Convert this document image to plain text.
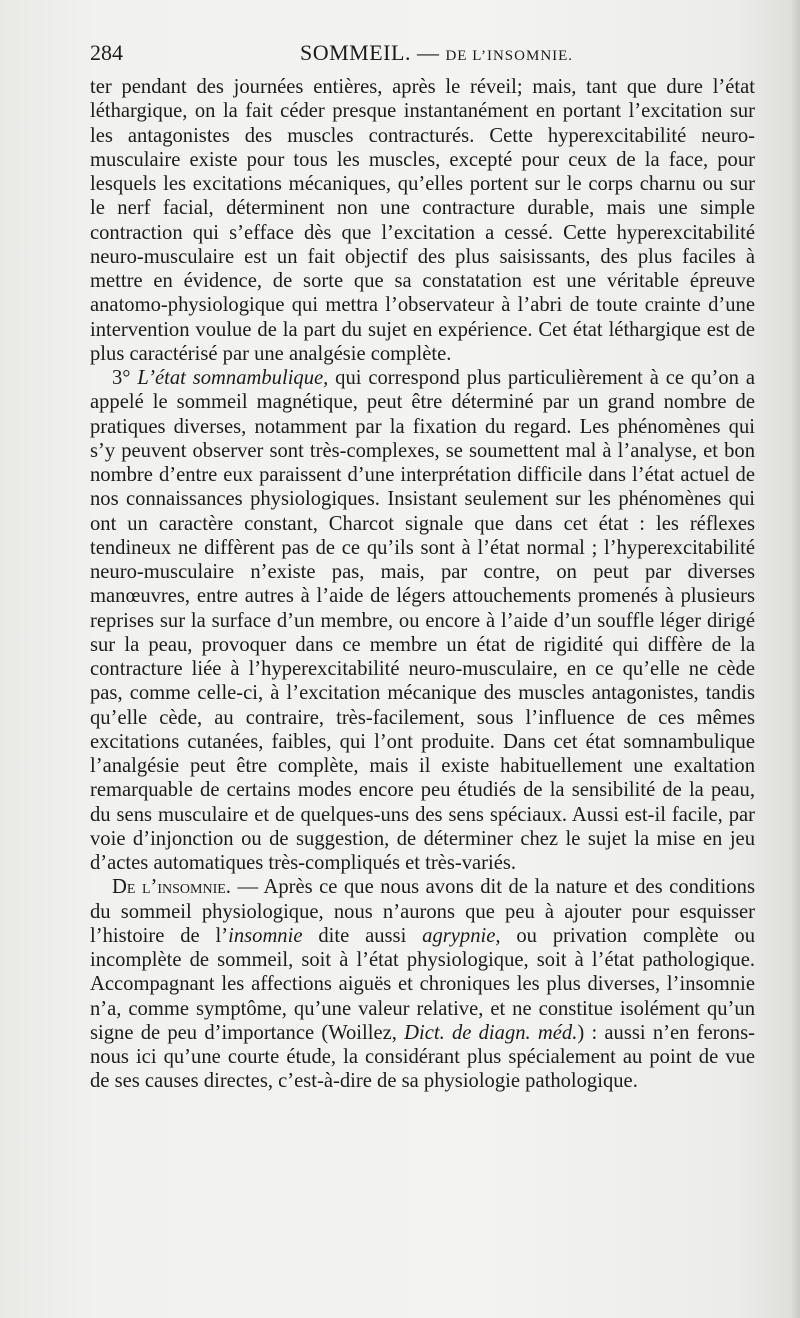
284	SOMMEIL. — DE L’INSOMNIE.

ter pendant des journées entières, après le réveil; mais, tant que dure l’état léthargique, on la fait céder presque instantanément en portant l’excitation sur les antagonistes des muscles contracturés. Cette hyperexcitabilité neuro-musculaire existe pour tous les muscles, excepté pour ceux de la face, pour lesquels les excitations mécaniques, qu’elles portent sur le corps charnu ou sur le nerf facial, déterminent non une contracture durable, mais une simple contraction qui s’efface dès que l’excitation a cessé. Cette hyperexcitabilité neuro-musculaire est un fait objectif des plus saisissants, des plus faciles à mettre en évidence, de sorte que sa constatation est une véritable épreuve anatomo-physiologique qui mettra l’observateur à l’abri de toute crainte d’une intervention voulue de la part du sujet en expérience. Cet état léthargique est de plus caractérisé par une analgésie complète.

3° L’état somnambulique, qui correspond plus particulièrement à ce qu’on a appelé le sommeil magnétique, peut être déterminé par un grand nombre de pratiques diverses, notamment par la fixation du regard. Les phénomènes qui s’y peuvent observer sont très-complexes, se soumettent mal à l’analyse, et bon nombre d’entre eux paraissent d’une interprétation difficile dans l’état actuel de nos connaissances physiologiques. Insistant seulement sur les phénomènes qui ont un caractère constant, Charcot signale que dans cet état : les réflexes tendineux ne diffèrent pas de ce qu’ils sont à l’état normal ; l’hyperexcitabilité neuro-musculaire n’existe pas, mais, par contre, on peut par diverses manœuvres, entre autres à l’aide de légers attouchements promenés à plusieurs reprises sur la surface d’un membre, ou encore à l’aide d’un souffle léger dirigé sur la peau, provoquer dans ce membre un état de rigidité qui diffère de la contracture liée à l’hyperexcitabilité neuro-musculaire, en ce qu’elle ne cède pas, comme celle-ci, à l’excitation mécanique des muscles antagonistes, tandis qu’elle cède, au contraire, très-facilement, sous l’influence de ces mêmes excitations cutanées, faibles, qui l’ont produite. Dans cet état somnambulique l’analgésie peut être complète, mais il existe habituellement une exaltation remarquable de certains modes encore peu étudiés de la sensibilité de la peau, du sens musculaire et de quelques-uns des sens spéciaux. Aussi est-il facile, par voie d’injonction ou de suggestion, de déterminer chez le sujet la mise en jeu d’actes automatiques très-compliqués et très-variés.

De l’insomnie. — Après ce que nous avons dit de la nature et des conditions du sommeil physiologique, nous n’aurons que peu à ajouter pour esquisser l’histoire de l’insomnie dite aussi agrypnie, ou privation complète ou incomplète de sommeil, soit à l’état physiologique, soit à l’état pathologique. Accompagnant les affections aiguës et chroniques les plus diverses, l’insomnie n’a, comme symptôme, qu’une valeur relative, et ne constitue isolément qu’un signe de peu d’importance (Woillez, Dict. de diagn. méd.) : aussi n’en ferons-nous ici qu’une courte étude, la considérant plus spécialement au point de vue de ses causes directes, c’est-à-dire de sa physiologie pathologique.
